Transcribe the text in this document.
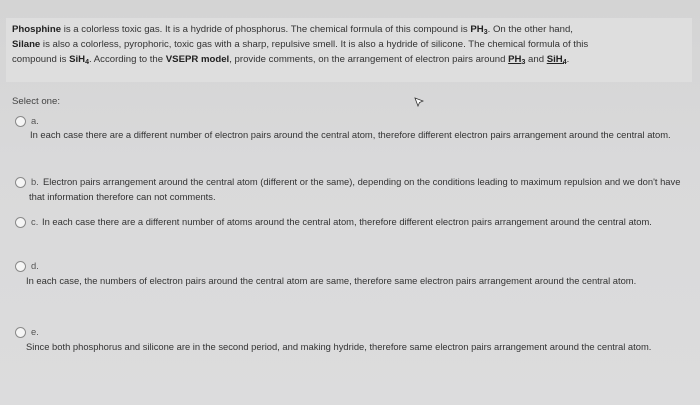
Phosphine is a colorless toxic gas. It is a hydride of phosphorus. The chemical formula of this compound is $PH_3$. On the other hand,
Silane is also a colorless, pyrophoric, toxic gas with a sharp, repulsive smell. It is also a hydride of silicone. The chemical formula of this
compound is SiH$_4$. According to the VSEPR model, provide comments, on the arrangement of electron pairs around $PH_3$ and SiH$_4$.
Select one:
a.
In each case there are a different number of electron pairs around the central atom, therefore different electron pairs arrangement around the central atom.
b. Electron pairs arrangement around the central atom (different or the same), depending on the conditions leading to maximum repulsion and we don't have that information therefore can not comments.
c. In each case there are a different number of atoms around the central atom, therefore different electron pairs arrangement around the central atom.
d.
In each case, the numbers of electron pairs around the central atom are same, therefore same electron pairs arrangement around the central atom.
e.
Since both phosphorus and silicone are in the second period, and making hydride, therefore same electron pairs arrangement around the central atom.
